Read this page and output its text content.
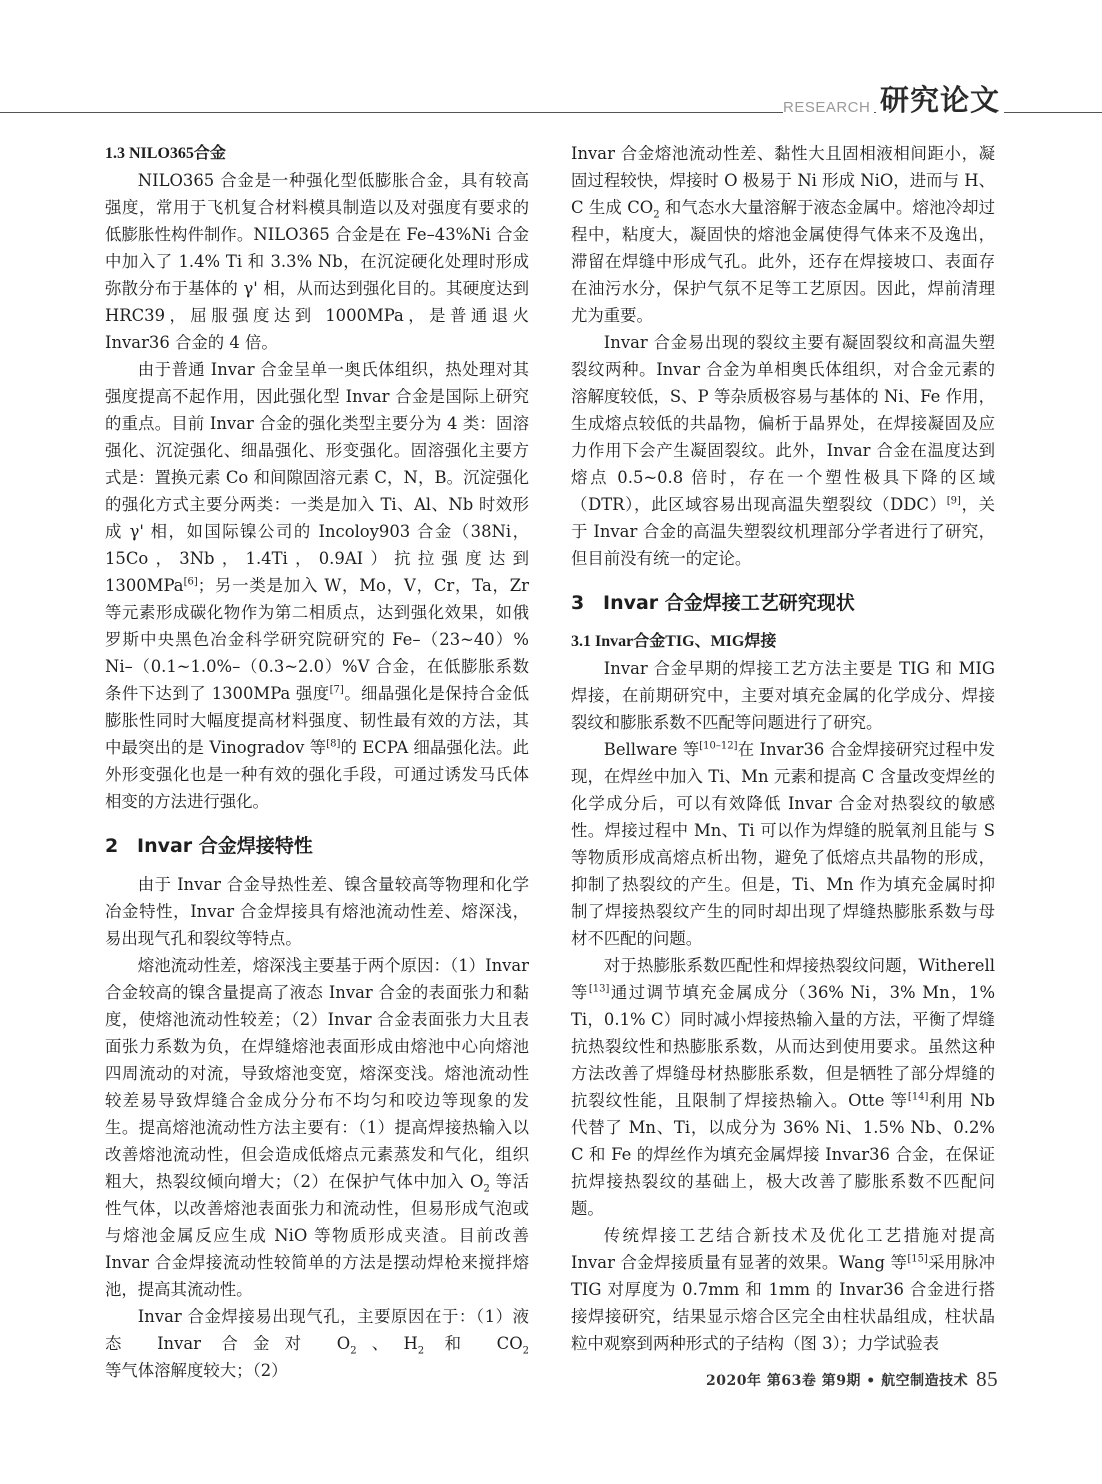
RESEARCH 研究论文
1.3 NILO365合金

NILO365 合金是一种强化型低膨胀合金，具有较高强度，常用于飞机复合材料模具制造以及对强度有要求的低膨胀性构件制作。NILO365 合金是在 Fe–43%Ni 合金中加入了 1.4% Ti 和 3.3% Nb，在沉淀硬化处理时形成弥散分布于基体的 γ' 相，从而达到强化目的。其硬度达到 HRC39，屈服强度达到 1000MPa，是普通退火 Invar36 合金的 4 倍。

由于普通 Invar 合金呈单一奥氏体组织，热处理对其强度提高不起作用，因此强化型 Invar 合金是国际上研究的重点。目前 Invar 合金的强化类型主要分为 4 类：固溶强化、沉淀强化、细晶强化、形变强化。固溶强化主要方式是：置换元素 Co 和间隙固溶元素 C，N，B。沉淀强化的强化方式主要分两类：一类是加入 Ti、Al、Nb 时效形成 γ' 相，如国际镍公司的 Incoloy903 合金（38Ni，15Co，3Nb，1.4Ti，0.9AI）抗拉强度达到 1300MPa[6]；另一类是加入 W，Mo，V，Cr，Ta，Zr 等元素形成碳化物作为第二相质点，达到强化效果，如俄罗斯中央黑色冶金科学研究院研究的 Fe–（23~40）% Ni–（0.1~1.0%–（0.3~2.0）%V 合金，在低膨胀系数条件下达到了 1300MPa 强度[7]。细晶强化是保持合金低膨胀性同时大幅度提高材料强度、韧性最有效的方法，其中最突出的是 Vinogradov 等[8]的 ECPA 细晶强化法。此外形变强化也是一种有效的强化手段，可通过诱发马氏体相变的方法进行强化。

2 Invar 合金焊接特性

由于 Invar 合金导热性差、镍含量较高等物理和化学冶金特性，Invar 合金焊接具有熔池流动性差、熔深浅，易出现气孔和裂纹等特点。

熔池流动性差，熔深浅主要基于两个原因：（1）Invar 合金较高的镍含量提高了液态 Invar 合金的表面张力和黏度，使熔池流动性较差；（2）Invar 合金表面张力大且表面张力系数为负，在焊缝熔池表面形成由熔池中心向熔池四周流动的对流，导致熔池变宽，熔深变浅。熔池流动性较差易导致焊缝合金成分分布不均匀和咬边等现象的发生。提高熔池流动性方法主要有：（1）提高焊接热输入以改善熔池流动性，但会造成低熔点元素蒸发和气化，组织粗大，热裂纹倾向增大；（2）在保护气体中加入 $O_2$ 等活性气体，以改善熔池表面张力和流动性，但易形成气泡或与熔池金属反应生成 NiO 等物质形成夹渣。目前改善 Invar 合金焊接流动性较简单的方法是摆动焊枪来搅拌熔池，提高其流动性。

Invar 合金焊接易出现气孔，主要原因在于：（1）液态 Invar 合金对 $O_2$、$H_2$ 和 $CO_2$ 等气体溶解度较大；（2）

Invar 合金熔池流动性差、黏性大且固相液相间距小，凝固过程较快，焊接时 O 极易于 Ni 形成 NiO，进而与 H、C 生成 $CO_2$ 和气态水大量溶解于液态金属中。熔池冷却过程中，粘度大，凝固快的熔池金属使得气体来不及逸出，滞留在焊缝中形成气孔。此外，还存在焊接坡口、表面存在油污水分，保护气氛不足等工艺原因。因此，焊前清理尤为重要。

Invar 合金易出现的裂纹主要有凝固裂纹和高温失塑裂纹两种。Invar 合金为单相奥氏体组织，对合金元素的溶解度较低，S、P 等杂质极容易与基体的 Ni、Fe 作用，生成熔点较低的共晶物，偏析于晶界处，在焊接凝固及应力作用下会产生凝固裂纹。此外，Invar 合金在温度达到熔点 0.5~0.8 倍时，存在一个塑性极具下降的区域（DTR），此区域容易出现高温失塑裂纹（DDC）[9]，关于 Invar 合金的高温失塑裂纹机理部分学者进行了研究，但目前没有统一的定论。

3 Invar 合金焊接工艺研究现状
3.1 Invar合金TIG、MIG焊接

Invar 合金早期的焊接工艺方法主要是 TIG 和 MIG 焊接，在前期研究中，主要对填充金属的化学成分、焊接裂纹和膨胀系数不匹配等问题进行了研究。

Bellware 等[10–12]在 Invar36 合金焊接研究过程中发现，在焊丝中加入 Ti、Mn 元素和提高 C 含量改变焊丝的化学成分后，可以有效降低 Invar 合金对热裂纹的敏感性。焊接过程中 Mn、Ti 可以作为焊缝的脱氧剂且能与 S 等物质形成高熔点析出物，避免了低熔点共晶物的形成，抑制了热裂纹的产生。但是，Ti、Mn 作为填充金属时抑制了焊接热裂纹产生的同时却出现了焊缝热膨胀系数与母材不匹配的问题。

对于热膨胀系数匹配性和焊接热裂纹问题，Witherell 等[13]通过调节填充金属成分（36% Ni，3% Mn，1% Ti，0.1% C）同时减小焊接热输入量的方法，平衡了焊缝抗热裂纹性和热膨胀系数，从而达到使用要求。虽然这种方法改善了焊缝母材热膨胀系数，但是牺牲了部分焊缝的抗裂纹性能，且限制了焊接热输入。Otte 等[14]利用 Nb 代替了 Mn、Ti，以成分为 36% Ni、1.5% Nb、0.2% C 和 Fe 的焊丝作为填充金属焊接 Invar36 合金，在保证抗焊接热裂纹的基础上，极大改善了膨胀系数不匹配问题。

传统焊接工艺结合新技术及优化工艺措施对提高 Invar 合金焊接质量有显著的效果。Wang 等[15]采用脉冲 TIG 对厚度为 0.7mm 和 1mm 的 Invar36 合金进行搭接焊接研究，结果显示熔合区完全由柱状晶组成，柱状晶粒中观察到两种形式的子结构（图 3）；力学试验表

2020年 第63卷 第9期 • 航空制造技术 85
